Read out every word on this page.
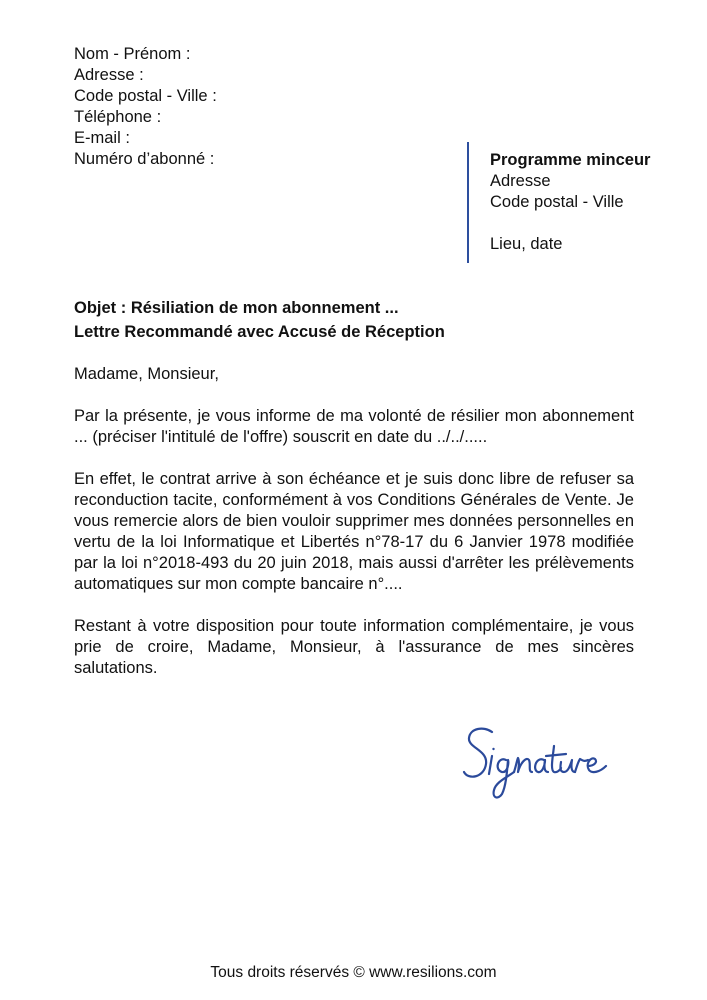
Nom - Prénom :
Adresse :
Code postal - Ville :
Téléphone :
E-mail :
Numéro d’abonné :	Programme minceur
Adresse
Code postal - Ville
Lieu, date
Objet : Résiliation de mon abonnement ...
Lettre Recommandé avec Accusé de Réception

Madame, Monsieur,

Par la présente, je vous informe de ma volonté de résilier mon abonnement ... (préciser l'intitulé de l'offre) souscrit en date du ../../.....

En effet, le contrat arrive à son échéance et je suis donc libre de refuser sa reconduction tacite, conformément à vos Conditions Générales de Vente. Je vous remercie alors de bien vouloir supprimer mes données personnelles en vertu de la loi Informatique et Libertés n°78-17 du 6 Janvier 1978 modifiée par la loi n°2018-493 du 20 juin 2018, mais aussi d'arrêter les prélèvements automatiques sur mon compte bancaire n°....

Restant à votre disposition pour toute information complémentaire, je vous prie de croire, Madame, Monsieur, à l'assurance de mes sincères salutations.

Tous droits réservés © www.resilions.com
